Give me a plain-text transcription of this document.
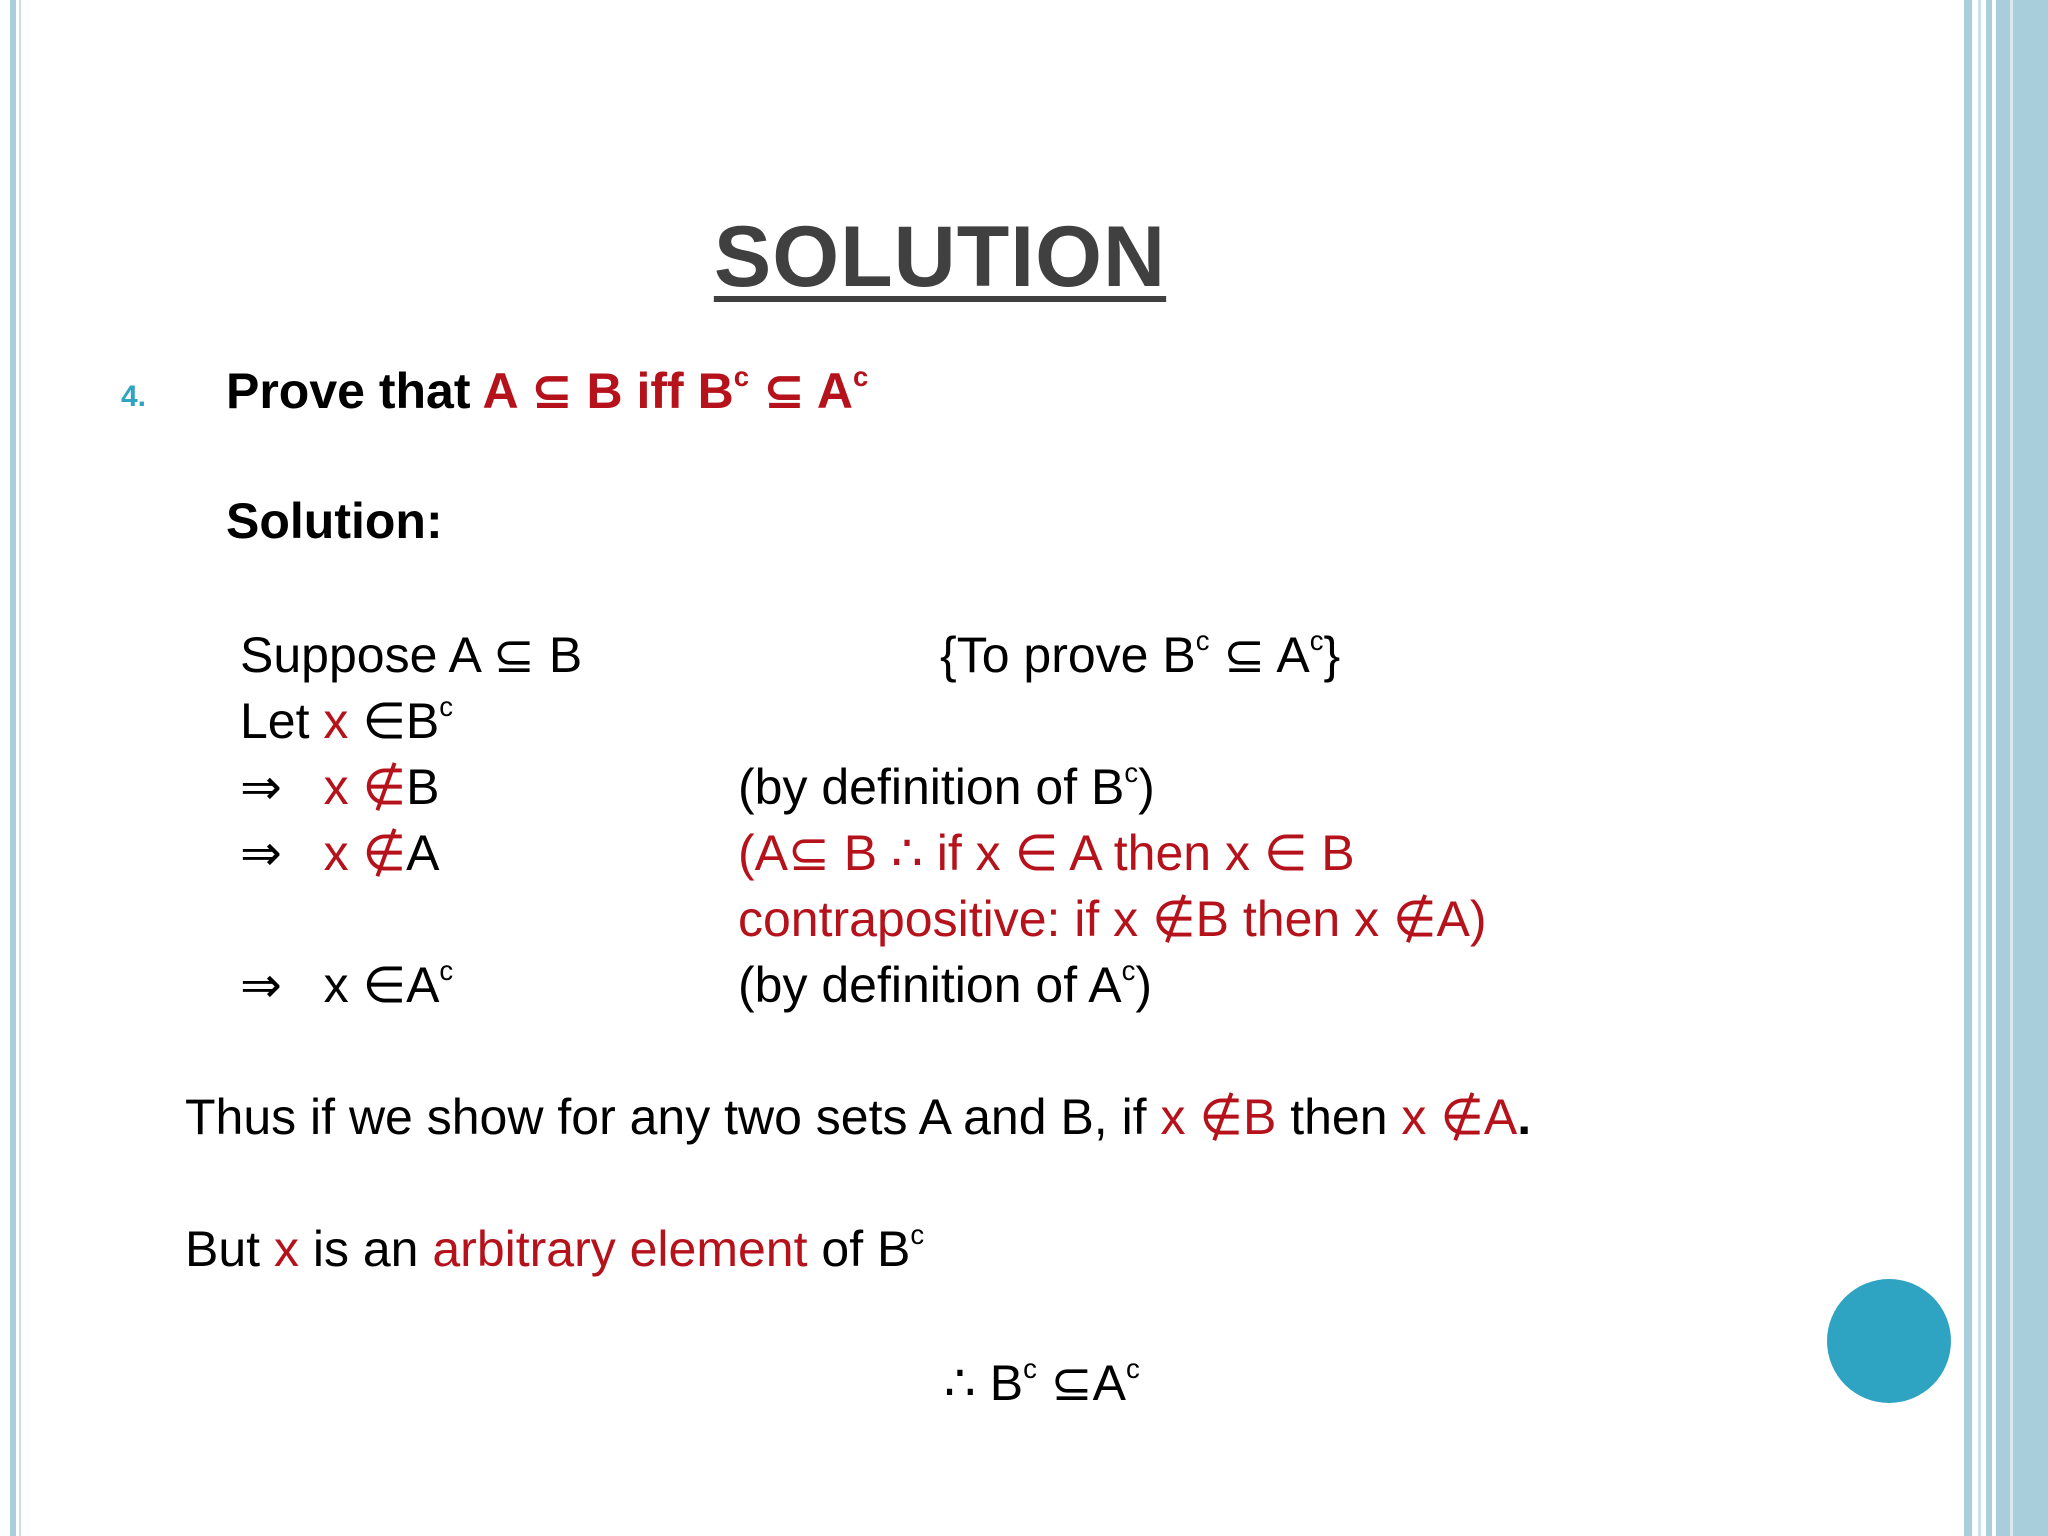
SOLUTION
4. Prove that A ⊆ B iff $B^c$ ⊆ $A^c$
Solution:
Suppose A ⊆ B	{To prove $B^c$ ⊆ $A^c$}
Let x $\in B^c$
⇒ x ∉B	(by definition of $B^c$)
⇒ x ∉A	(A⊆ B ∴ if x ∈ A then x ∈ B
contrapositive: if x ∉B then x ∉A)
⇒ x $\in A^c$	(by definition of $A^c$)
Thus if we show for any two sets A and B, if x ∉B then x ∉A.
But x is an arbitrary element of $B^c$
∴ $B^c$ $⊆A^c$
